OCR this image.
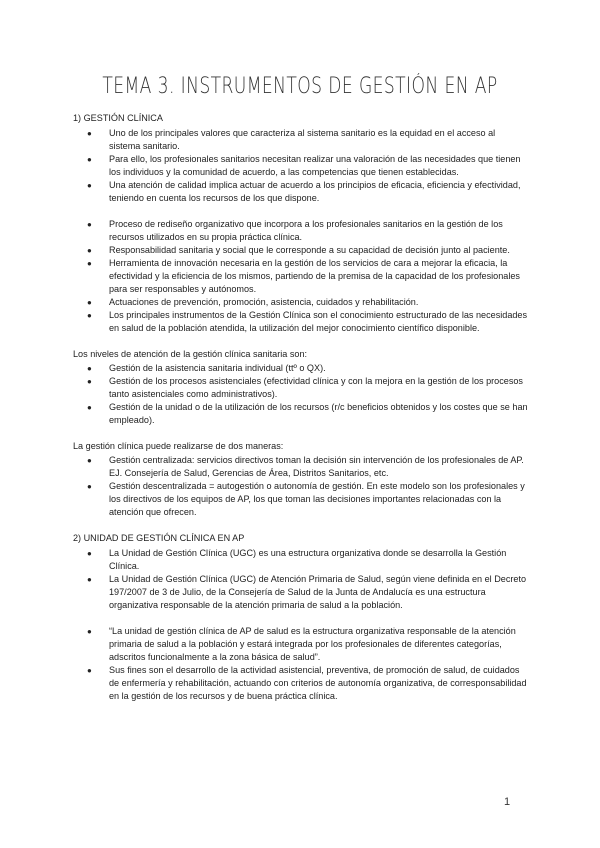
TEMA 3. INSTRUMENTOS DE GESTIÓN EN AP
1) GESTIÓN CLÍNICA
● Uno de los principales valores que caracteriza al sistema sanitario es la equidad en el acceso al sistema sanitario.
● Para ello, los profesionales sanitarios necesitan realizar una valoración de las necesidades que tienen los individuos y la comunidad de acuerdo, a las competencias que tienen establecidas.
● Una atención de calidad implica actuar de acuerdo a los principios de eficacia, eficiencia y efectividad, teniendo en cuenta los recursos de los que dispone.
● Proceso de rediseño organizativo que incorpora a los profesionales sanitarios en la gestión de los recursos utilizados en su propia práctica clínica.
● Responsabilidad sanitaria y social que le corresponde a su capacidad de decisión junto al paciente.
● Herramienta de innovación necesaria en la gestión de los servicios de cara a mejorar la eficacia, la efectividad y la eficiencia de los mismos, partiendo de la premisa de la capacidad de los profesionales para ser responsables y autónomos.
● Actuaciones de prevención, promoción, asistencia, cuidados y rehabilitación.
● Los principales instrumentos de la Gestión Clínica son el conocimiento estructurado de las necesidades en salud de la población atendida, la utilización del mejor conocimiento científico disponible.
Los niveles de atención de la gestión clínica sanitaria son:
● Gestión de la asistencia sanitaria individual (ttº o QX).
● Gestión de los procesos asistenciales (efectividad clínica y con la mejora en la gestión de los procesos tanto asistenciales como administrativos).
● Gestión de la unidad o de la utilización de los recursos (r/c beneficios obtenidos y los costes que se han empleado).
La gestión clínica puede realizarse de dos maneras:
● Gestión centralizada: servicios directivos toman la decisión sin intervención de los profesionales de AP. EJ. Consejería de Salud, Gerencias de Área, Distritos Sanitarios, etc.
● Gestión descentralizada = autogestión o autonomía de gestión. En este modelo son los profesionales y los directivos de los equipos de AP, los que toman las decisiones importantes relacionadas con la atención que ofrecen.
2) UNIDAD DE GESTIÓN CLÍNICA EN AP
● La Unidad de Gestión Clínica (UGC) es una estructura organizativa donde se desarrolla la Gestión Clínica.
● La Unidad de Gestión Clínica (UGC) de Atención Primaria de Salud, según viene definida en el Decreto 197/2007 de 3 de Julio, de la Consejería de Salud de la Junta de Andalucía es una estructura organizativa responsable de la atención primaria de salud a la población.
● “La unidad de gestión clínica de AP de salud es la estructura organizativa responsable de la atención primaria de salud a la población y estará integrada por los profesionales de diferentes categorías, adscritos funcionalmente a la zona básica de salud”.
● Sus fines son el desarrollo de la actividad asistencial, preventiva, de promoción de salud, de cuidados de enfermería y rehabilitación, actuando con criterios de autonomía organizativa, de corresponsabilidad en la gestión de los recursos y de buena práctica clínica.
1
